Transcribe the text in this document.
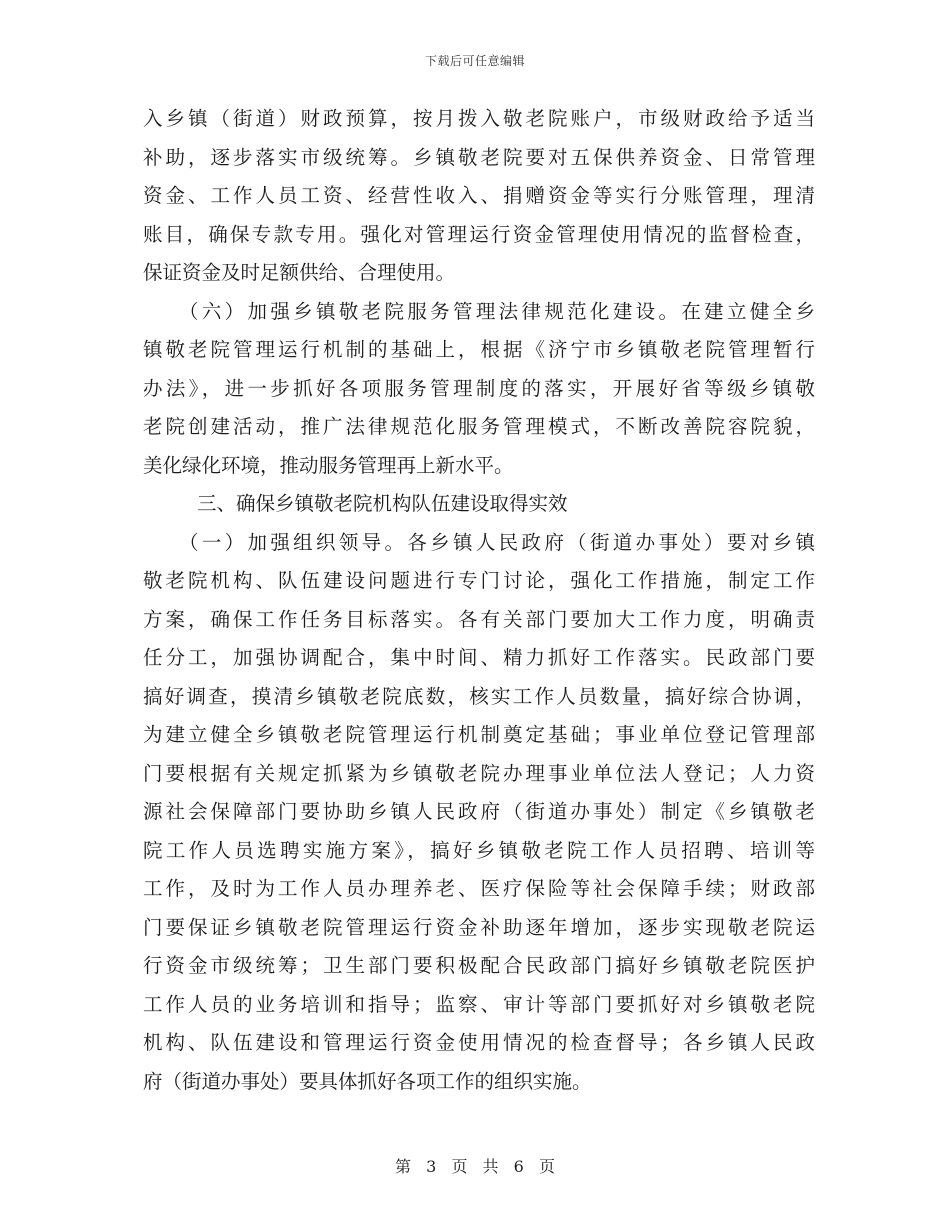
下载后可任意编辑
入乡镇（街道）财政预算，按月拨入敬老院账户，市级财政给予适当
补助，逐步落实市级统筹。乡镇敬老院要对五保供养资金、日常管理
资金、工作人员工资、经营性收入、捐赠资金等实行分账管理，理清
账目，确保专款专用。强化对管理运行资金管理使用情况的监督检查，
保证资金及时足额供给、合理使用。
（六）加强乡镇敬老院服务管理法律规范化建设。在建立健全乡
镇敬老院管理运行机制的基础上，根据《济宁市乡镇敬老院管理暂行
办法》，进一步抓好各项服务管理制度的落实，开展好省等级乡镇敬
老院创建活动，推广法律规范化服务管理模式，不断改善院容院貌，
美化绿化环境，推动服务管理再上新水平。
三、确保乡镇敬老院机构队伍建设取得实效
（一）加强组织领导。各乡镇人民政府（街道办事处）要对乡镇
敬老院机构、队伍建设问题进行专门讨论，强化工作措施，制定工作
方案，确保工作任务目标落实。各有关部门要加大工作力度，明确责
任分工，加强协调配合，集中时间、精力抓好工作落实。民政部门要
搞好调查，摸清乡镇敬老院底数，核实工作人员数量，搞好综合协调，
为建立健全乡镇敬老院管理运行机制奠定基础；事业单位登记管理部
门要根据有关规定抓紧为乡镇敬老院办理事业单位法人登记；人力资
源社会保障部门要协助乡镇人民政府（街道办事处）制定《乡镇敬老
院工作人员选聘实施方案》，搞好乡镇敬老院工作人员招聘、培训等
工作，及时为工作人员办理养老、医疗保险等社会保障手续；财政部
门要保证乡镇敬老院管理运行资金补助逐年增加，逐步实现敬老院运
行资金市级统筹；卫生部门要积极配合民政部门搞好乡镇敬老院医护
工作人员的业务培训和指导；监察、审计等部门要抓好对乡镇敬老院
机构、队伍建设和管理运行资金使用情况的检查督导；各乡镇人民政
府（街道办事处）要具体抓好各项工作的组织实施。
第 3 页 共 6 页
